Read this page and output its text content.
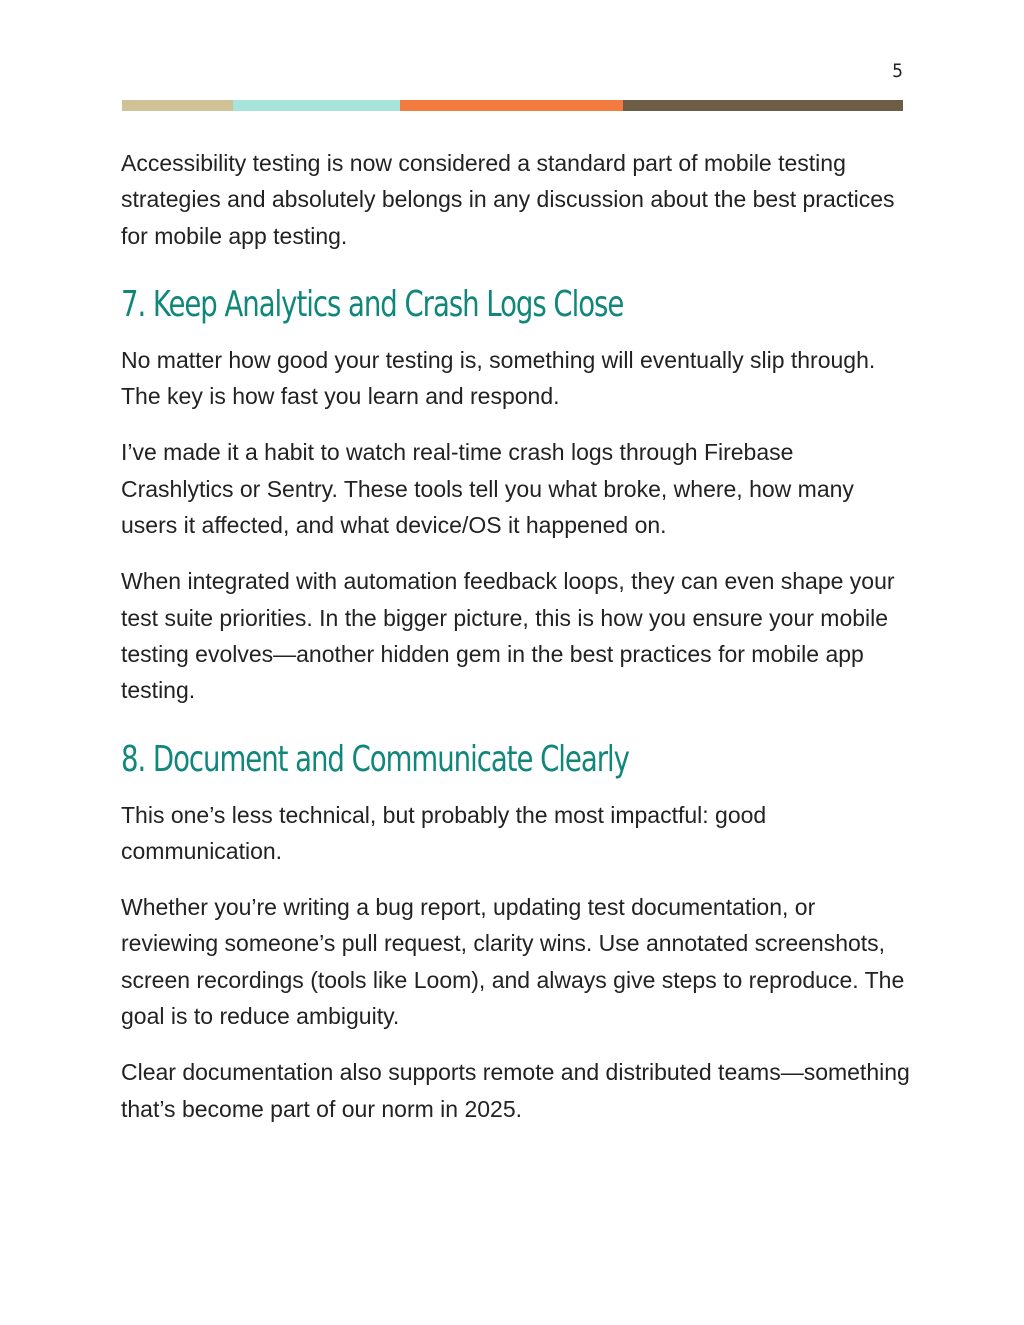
5

Accessibility testing is now considered a standard part of mobile testing strategies and absolutely belongs in any discussion about the best practices for mobile app testing.

7. Keep Analytics and Crash Logs Close

No matter how good your testing is, something will eventually slip through. The key is how fast you learn and respond.

I’ve made it a habit to watch real-time crash logs through Firebase Crashlytics or Sentry. These tools tell you what broke, where, how many users it affected, and what device/OS it happened on.

When integrated with automation feedback loops, they can even shape your test suite priorities. In the bigger picture, this is how you ensure your mobile testing evolves—another hidden gem in the best practices for mobile app testing.

8. Document and Communicate Clearly

This one’s less technical, but probably the most impactful: good communication.

Whether you’re writing a bug report, updating test documentation, or reviewing someone’s pull request, clarity wins. Use annotated screenshots, screen recordings (tools like Loom), and always give steps to reproduce. The goal is to reduce ambiguity.

Clear documentation also supports remote and distributed teams—something that’s become part of our norm in 2025.
